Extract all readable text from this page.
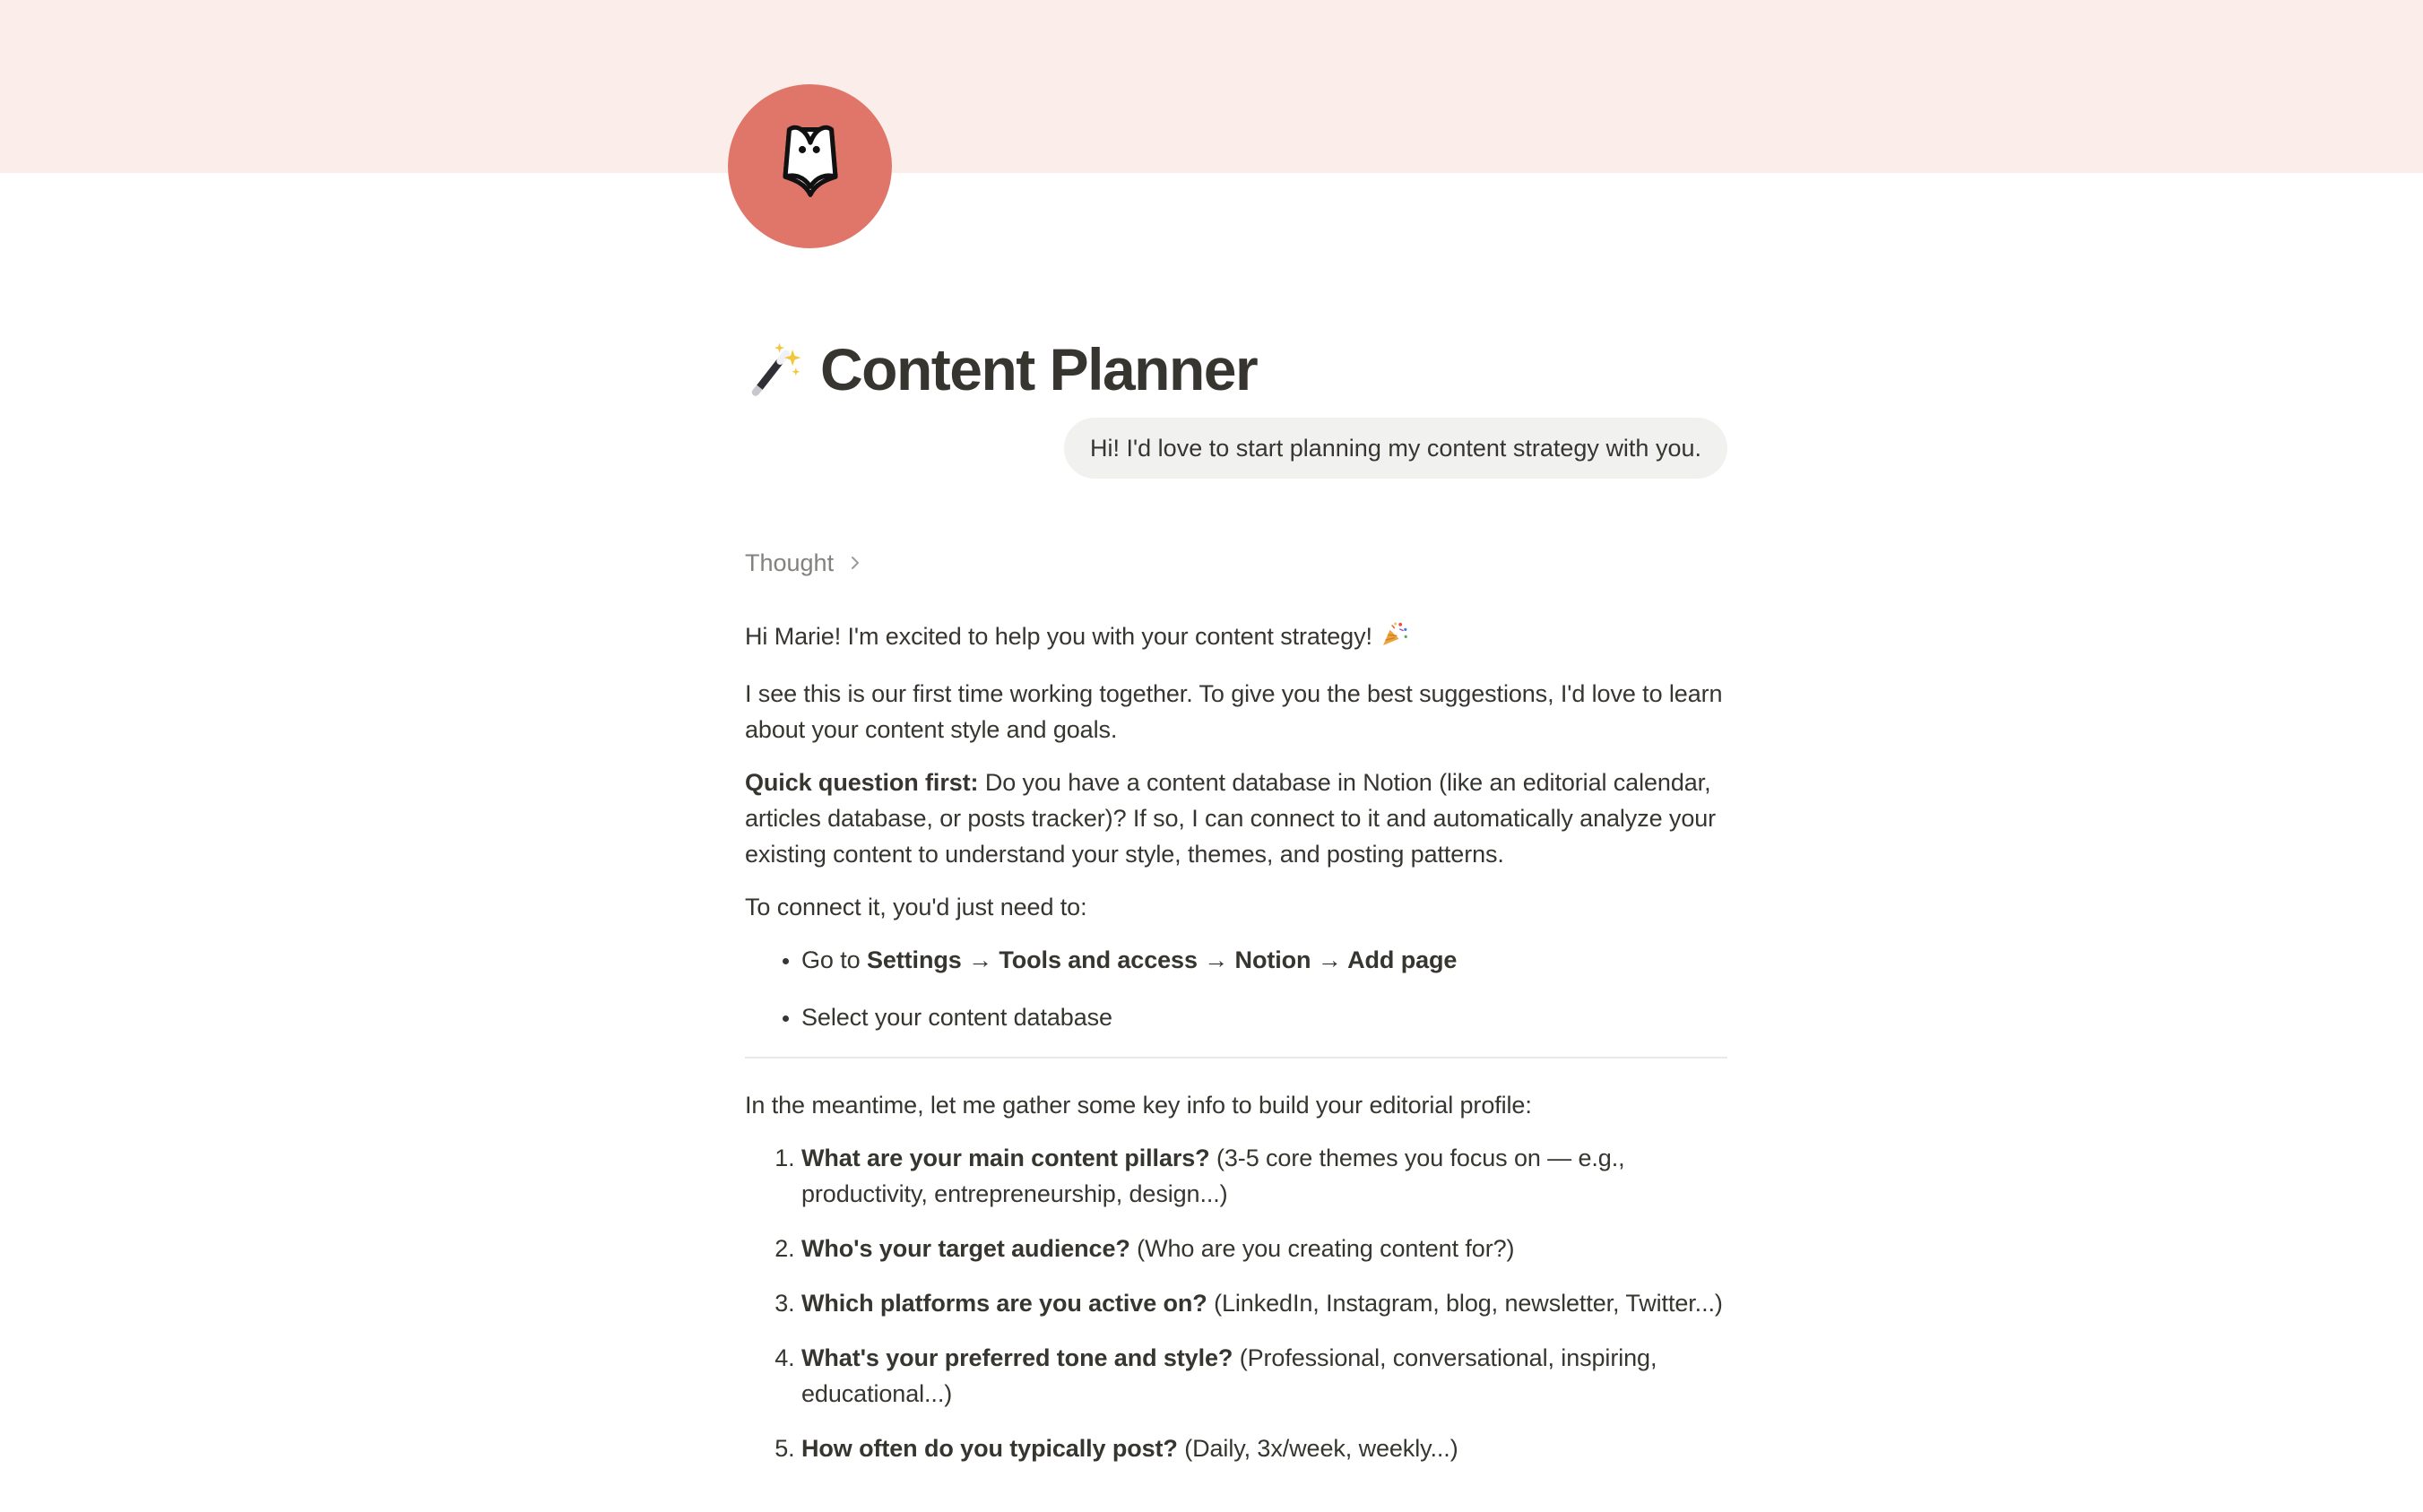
Content Planner
Hi! I'd love to start planning my content strategy with you.
Thought

Hi Marie! I'm excited to help you with your content strategy!

I see this is our first time working together. To give you the best suggestions, I'd love to learn about your content style and goals.

Quick question first: Do you have a content database in Notion (like an editorial calendar, articles database, or posts tracker)? If so, I can connect to it and automatically analyze your existing content to understand your style, themes, and posting patterns.

To connect it, you'd just need to:

• Go to Settings → Tools and access → Notion → Add page
• Select your content database

In the meantime, let me gather some key info to build your editorial profile:

1. What are your main content pillars? (3-5 core themes you focus on — e.g., productivity, entrepreneurship, design...)
2. Who's your target audience? (Who are you creating content for?)
3. Which platforms are you active on? (LinkedIn, Instagram, blog, newsletter, Twitter...)
4. What's your preferred tone and style? (Professional, conversational, inspiring, educational...)
5. How often do you typically post? (Daily, 3x/week, weekly...)
